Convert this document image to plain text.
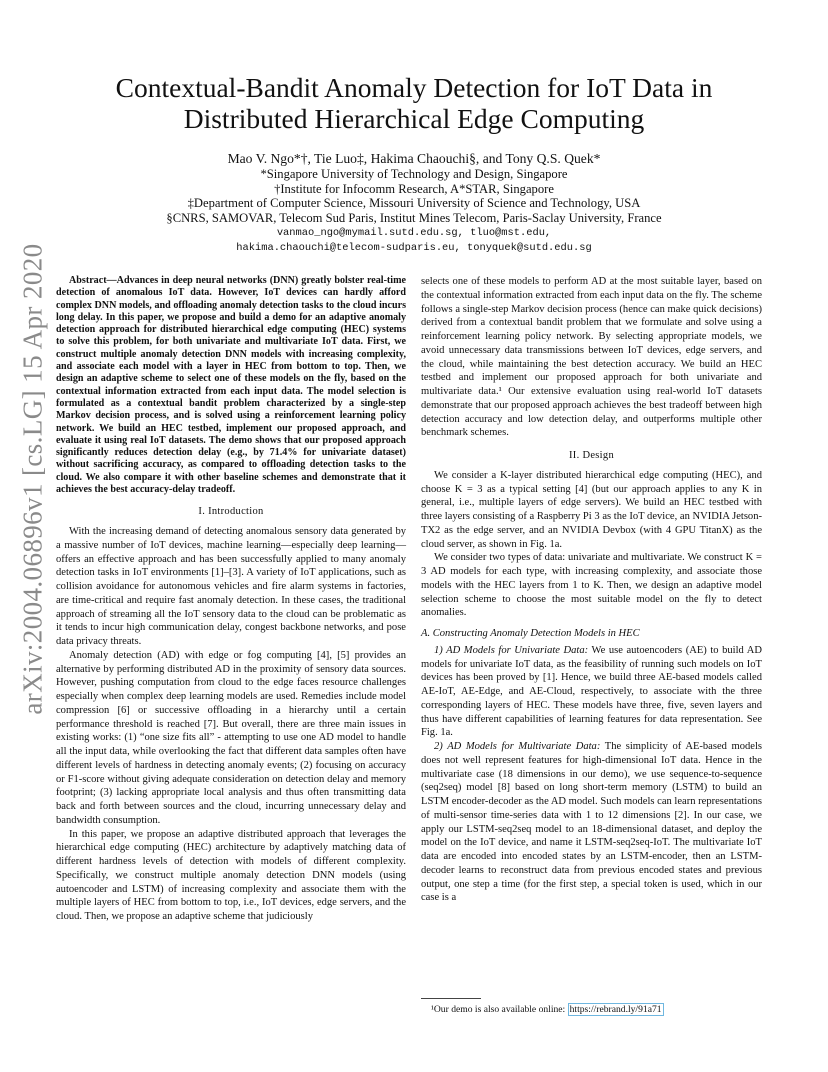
arXiv:2004.06896v1 [cs.LG] 15 Apr 2020
Contextual-Bandit Anomaly Detection for IoT Data in
Distributed Hierarchical Edge Computing
Mao V. Ngo*†, Tie Luo‡, Hakima Chaouchi§, and Tony Q.S. Quek*
*Singapore University of Technology and Design, Singapore
†Institute for Infocomm Research, A*STAR, Singapore
‡Department of Computer Science, Missouri University of Science and Technology, USA
§CNRS, SAMOVAR, Telecom Sud Paris, Institut Mines Telecom, Paris-Saclay University, France
vanmao_ngo@mymail.sutd.edu.sg, tluo@mst.edu,
hakima.chaouchi@telecom-sudparis.eu, tonyquek@sutd.edu.sg

Abstract—Advances in deep neural networks (DNN) greatly bolster real-time detection of anomalous IoT data. However, IoT devices can hardly afford complex DNN models, and offloading anomaly detection tasks to the cloud incurs long delay. In this paper, we propose and build a demo for an adaptive anomaly detection approach for distributed hierarchical edge computing (HEC) systems to solve this problem, for both univariate and multivariate IoT data. First, we construct multiple anomaly detection DNN models with increasing complexity, and associate each model with a layer in HEC from bottom to top. Then, we design an adaptive scheme to select one of these models on the fly, based on the contextual information extracted from each input data. The model selection is formulated as a contextual bandit problem characterized by a single-step Markov decision process, and is solved using a reinforcement learning policy network. We build an HEC testbed, implement our proposed approach, and evaluate it using real IoT datasets. The demo shows that our proposed approach significantly reduces detection delay (e.g., by 71.4% for univariate dataset) without sacrificing accuracy, as compared to offloading detection tasks to the cloud. We also compare it with other baseline schemes and demonstrate that it achieves the best accuracy-delay tradeoff.

I. Introduction

With the increasing demand of detecting anomalous sensory data generated by a massive number of IoT devices, machine learning—especially deep learning—offers an effective approach and has been successfully applied to many anomaly detection tasks in IoT environments [1]–[3]. A variety of IoT applications, such as collision avoidance for autonomous vehicles and fire alarm systems in factories, are time-critical and require fast anomaly detection. In these cases, the traditional approach of streaming all the IoT sensory data to the cloud can be problematic as it tends to incur high communication delay, congest backbone networks, and pose data privacy threats.

Anomaly detection (AD) with edge or fog computing [4], [5] provides an alternative by performing distributed AD in the proximity of sensory data sources. However, pushing computation from cloud to the edge faces resource challenges especially when complex deep learning models are used. Remedies include model compression [6] or successive offloading in a hierarchy until a certain performance threshold is reached [7]. But overall, there are three main issues in existing works: (1) “one size fits all” - attempting to use one AD model to handle all the input data, while overlooking the fact that different data samples often have different levels of hardness in detecting anomaly events; (2) focusing on accuracy or F1-score without giving adequate consideration on detection delay and memory footprint; (3) lacking appropriate local analysis and thus often transmitting data back and forth between sources and the cloud, incurring unnecessary delay and bandwidth consumption.

In this paper, we propose an adaptive distributed approach that leverages the hierarchical edge computing (HEC) architecture by adaptively matching data of different hardness levels of detection with models of different complexity. Specifically, we construct multiple anomaly detection DNN models (using autoencoder and LSTM) of increasing complexity and associate them with the multiple layers of HEC from bottom to top, i.e., IoT devices, edge servers, and the cloud. Then, we propose an adaptive scheme that judiciously

selects one of these models to perform AD at the most suitable layer, based on the contextual information extracted from each input data on the fly. The scheme follows a single-step Markov decision process (hence can make quick decisions) derived from a contextual bandit problem that we formulate and solve using a reinforcement learning policy network. By selecting appropriate models, we avoid unnecessary data transmissions between IoT devices, edge servers, and the cloud, while maintaining the best detection accuracy. We build an HEC testbed and implement our proposed approach for both univariate and multivariate data.¹ Our extensive evaluation using real-world IoT datasets demonstrate that our proposed approach achieves the best tradeoff between high detection accuracy and low detection delay, and outperforms multiple other benchmark schemes.

II. Design

We consider a K-layer distributed hierarchical edge computing (HEC), and choose K = 3 as a typical setting [4] (but our approach applies to any K in general, i.e., multiple layers of edge servers). We build an HEC testbed with three layers consisting of a Raspberry Pi 3 as the IoT device, an NVIDIA Jetson-TX2 as the edge server, and an NVIDIA Devbox (with 4 GPU TitanX) as the cloud server, as shown in Fig. 1a.

We consider two types of data: univariate and multivariate. We construct K = 3 AD models for each type, with increasing complexity, and associate those models with the HEC layers from 1 to K. Then, we design an adaptive model selection scheme to choose the most suitable model on the fly to detect anomalies.

A. Constructing Anomaly Detection Models in HEC

1) AD Models for Univariate Data: We use autoencoders (AE) to build AD models for univariate IoT data, as the feasibility of running such models on IoT devices has been proved by [1]. Hence, we build three AE-based models called AE-IoT, AE-Edge, and AE-Cloud, respectively, to associate with the three corresponding layers of HEC. These models have three, five, seven layers and thus have different capabilities of learning features for data representation. See Fig. 1a.

2) AD Models for Multivariate Data: The simplicity of AE-based models does not well represent features for high-dimensional IoT data. Hence in the multivariate case (18 dimensions in our demo), we use sequence-to-sequence (seq2seq) model [8] based on long short-term memory (LSTM) to build an LSTM encoder-decoder as the AD model. Such models can learn representations of multi-sensor time-series data with 1 to 12 dimensions [2]. In our case, we apply our LSTM-seq2seq model to an 18-dimensional dataset, and deploy the model on the IoT device, and name it LSTM-seq2seq-IoT. The multivariate IoT data are encoded into encoded states by an LSTM-encoder, then an LSTM-decoder learns to reconstruct data from previous encoded states and previous output, one step a time (for the first step, a special token is used, which in our case is a

¹Our demo is also available online: https://rebrand.ly/91a71
